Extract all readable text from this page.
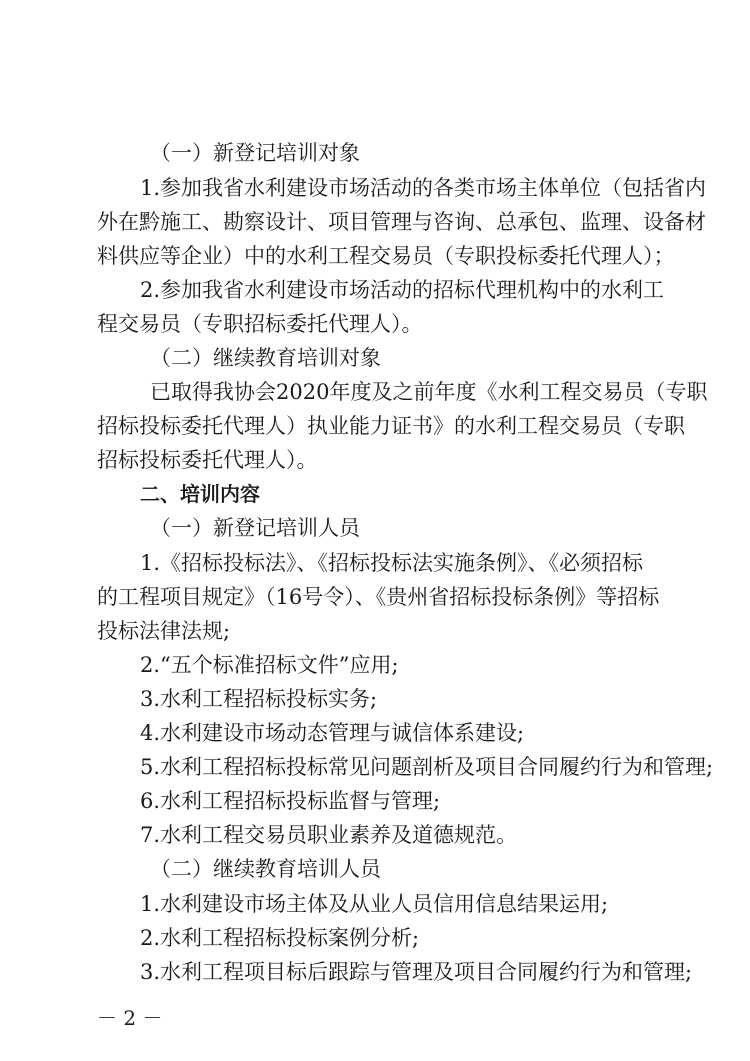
（一）新登记培训对象
1.参加我省水利建设市场活动的各类市场主体单位（包括省内
外在黔施工、勘察设计、项目管理与咨询、总承包、监理、设备材
料供应等企业）中的水利工程交易员（专职投标委托代理人）；
2.参加我省水利建设市场活动的招标代理机构中的水利工
程交易员（专职招标委托代理人）。
（二）继续教育培训对象
已取得我协会2020年度及之前年度《水利工程交易员（专职
招标投标委托代理人）执业能力证书》的水利工程交易员（专职
招标投标委托代理人）。
二、培训内容
（一）新登记培训人员
1.《招标投标法》、《招标投标法实施条例》、《必须招标
的工程项目规定》（16号令）、《贵州省招标投标条例》等招标
投标法律法规;
2.“五个标准招标文件”应用;
3.水利工程招标投标实务;
4.水利建设市场动态管理与诚信体系建设;
5.水利工程招标投标常见问题剖析及项目合同履约行为和管理;
6.水利工程招标投标监督与管理;
7.水利工程交易员职业素养及道德规范。
（二）继续教育培训人员
1.水利建设市场主体及从业人员信用信息结果运用;
2.水利工程招标投标案例分析;
3.水利工程项目标后跟踪与管理及项目合同履约行为和管理;
－ 2 －
